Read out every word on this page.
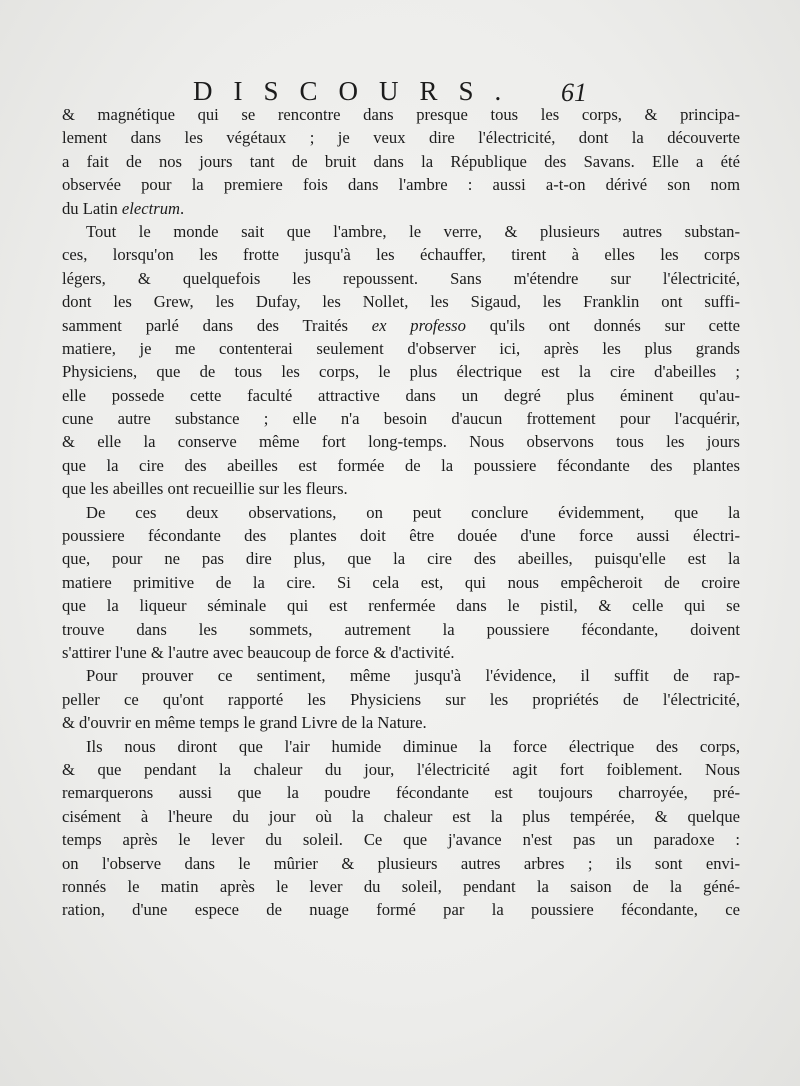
DISCOURS. 61
& magnétique qui se rencontre dans presque tous les corps, & principa-
lement dans les végétaux ; je veux dire l'électricité, dont la découverte
a fait de nos jours tant de bruit dans la République des Savans. Elle a été
observée pour la premiere fois dans l'ambre : aussi a-t-on dérivé son nom
du Latin electrum.
Tout le monde sait que l'ambre, le verre, & plusieurs autres substan-
ces, lorsqu'on les frotte jusqu'à les échauffer, tirent à elles les corps
légers, & quelquefois les repoussent. Sans m'étendre sur l'électricité,
dont les Grew, les Dufay, les Nollet, les Sigaud, les Franklin ont suffi-
samment parlé dans des Traités ex professo qu'ils ont donnés sur cette
matiere, je me contenterai seulement d'observer ici, après les plus grands
Physiciens, que de tous les corps, le plus électrique est la cire d'abeilles ;
elle possede cette faculté attractive dans un degré plus éminent qu'au-
cune autre substance ; elle n'a besoin d'aucun frottement pour l'acquérir,
& elle la conserve même fort long-temps. Nous observons tous les jours
que la cire des abeilles est formée de la poussiere fécondante des plantes
que les abeilles ont recueillie sur les fleurs.
De ces deux observations, on peut conclure évidemment, que la
poussiere fécondante des plantes doit être douée d'une force aussi électri-
que, pour ne pas dire plus, que la cire des abeilles, puisqu'elle est la
matiere primitive de la cire. Si cela est, qui nous empêcheroit de croire
que la liqueur séminale qui est renfermée dans le pistil, & celle qui se
trouve dans les sommets, autrement la poussiere fécondante, doivent
s'attirer l'une & l'autre avec beaucoup de force & d'activité.
Pour prouver ce sentiment, même jusqu'à l'évidence, il suffit de rap-
peller ce qu'ont rapporté les Physiciens sur les propriétés de l'électricité,
& d'ouvrir en même temps le grand Livre de la Nature.
Ils nous diront que l'air humide diminue la force électrique des corps,
& que pendant la chaleur du jour, l'électricité agit fort foiblement. Nous
remarquerons aussi que la poudre fécondante est toujours charroyée, pré-
cisément à l'heure du jour où la chaleur est la plus tempérée, & quelque
temps après le lever du soleil. Ce que j'avance n'est pas un paradoxe :
on l'observe dans le mûrier & plusieurs autres arbres ; ils sont envi-
ronnés le matin après le lever du soleil, pendant la saison de la géné-
ration, d'une espece de nuage formé par la poussiere fécondante, ce
